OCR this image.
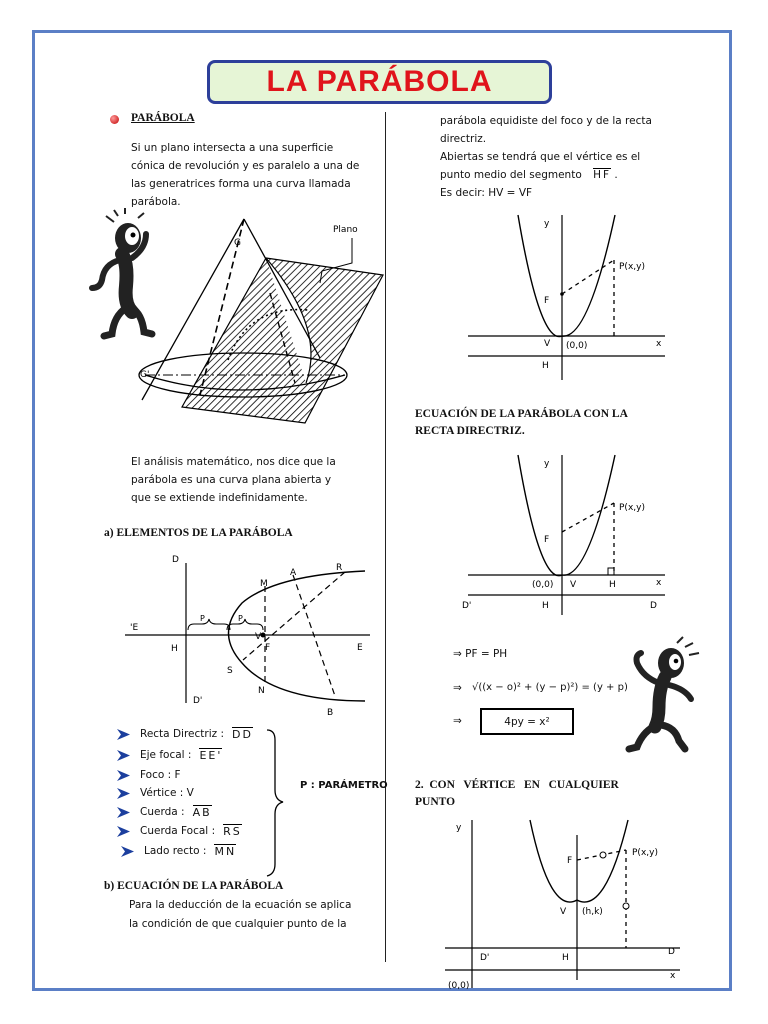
LA PARÁBOLA
PARÁBOLA
Si un plano intersecta a una superficie
cónica de revolución y es paralelo a una de
las generatrices forma una curva llamada
parábola.
G
G'
Plano
El análisis matemático, nos dice que la
parábola es una curva plana abierta y
que se extiende indefinidamente.
a) ELEMENTOS DE LA PARÁBOLA
D
D'
'E
E
H
M
A	R
S
N
B
F
V
P	P
Recta Directriz : DD
Eje focal : EE'
Foco : F
Vértice : V
Cuerda : AB
Cuerda Focal : RS
Lado recto : MN
P : PARÁMETRO
b) ECUACIÓN DE LA PARÁBOLA
Para la deducción de la ecuación se aplica
la condición de que cualquier punto de la
parábola equidiste del foco y de la recta
directriz.
Abiertas se tendrá que el vértice es el
punto medio del segmento HF .
Es decir: HV = VF
y
x
P(x,y)
F
V (0,0)
H
ECUACIÓN DE LA PARÁBOLA CON LA
RECTA DIRECTRIZ.
y
x
P(x,y)
F
(0,0) V	H
D'	H	D
⇒ PF = PH
⇒ √((x − o)² + (y − p)²) = (y + p)
⇒	4py = x²
2.  CON   VÉRTICE   EN   CUALQUIER
PUNTO
y
x
P(x,y)
F
V (h,k)
D'	H
D
(0,0)
